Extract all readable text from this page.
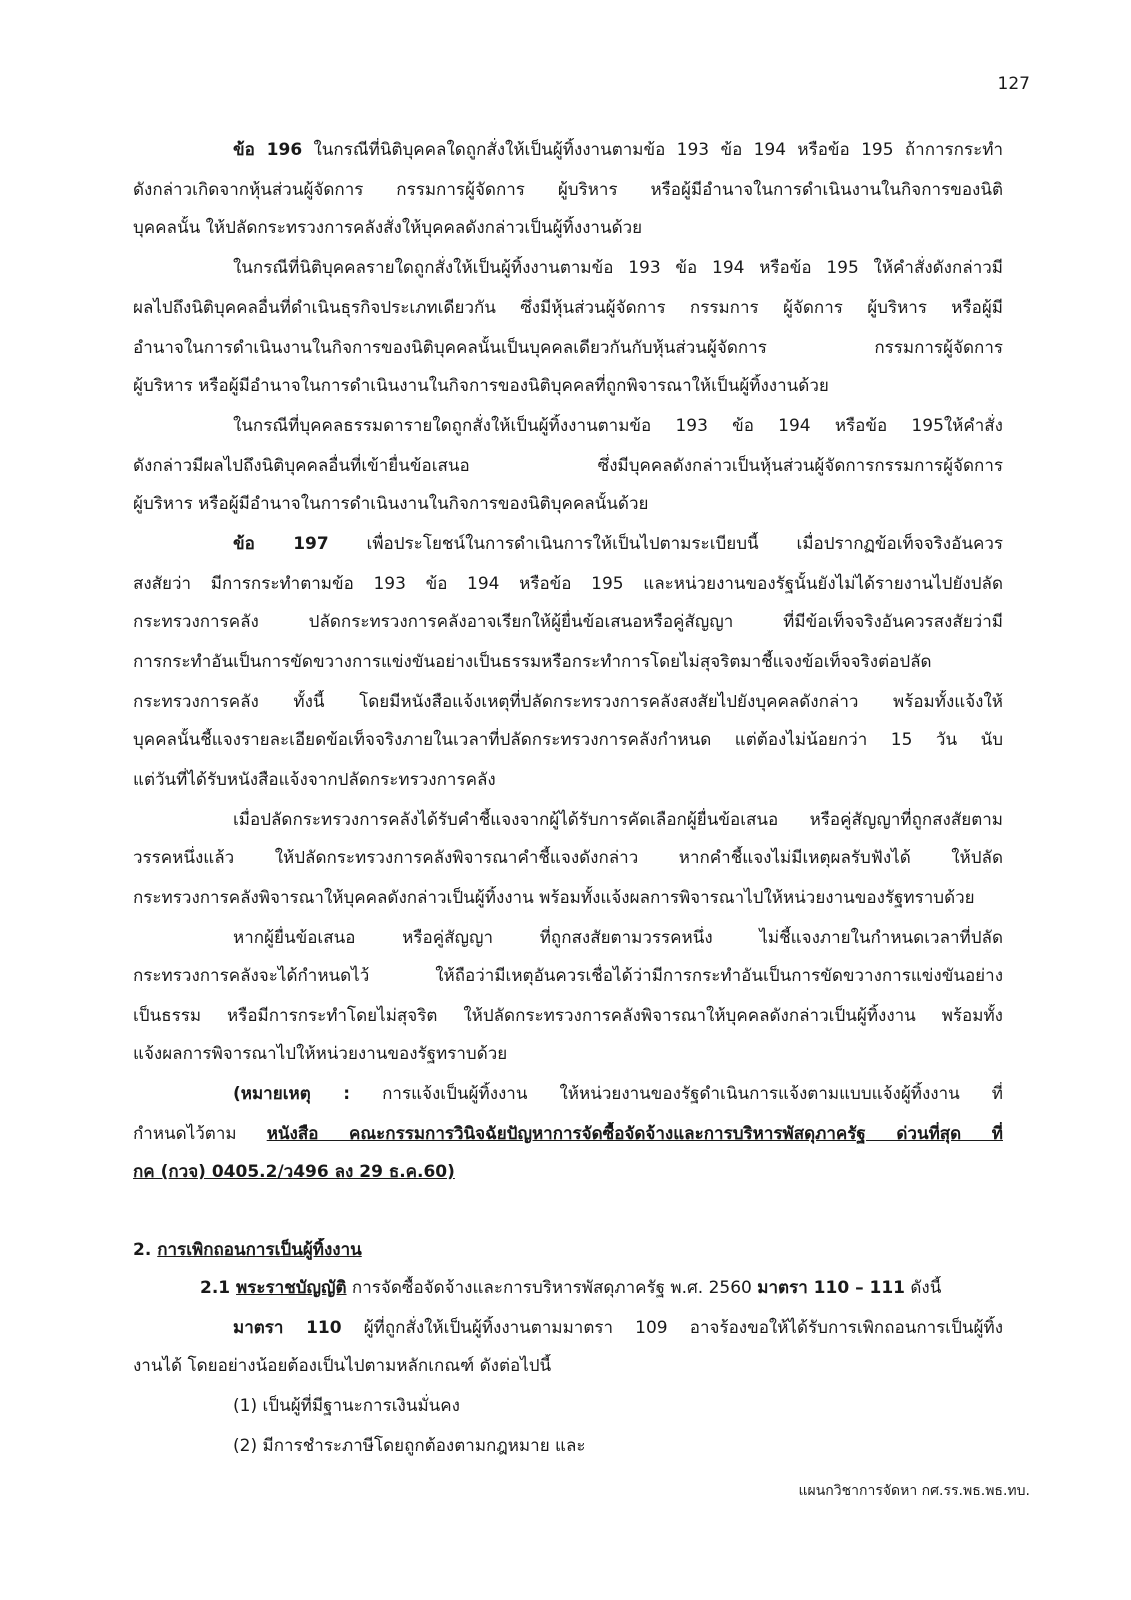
127
ข้อ 196 ในกรณีที่นิติบุคคลใดถูกสั่งให้เป็นผู้ทิ้งงานตามข้อ 193 ข้อ 194 หรือข้อ 195 ถ้าการกระทำ
ดังกล่าวเกิดจากหุ้นส่วนผู้จัดการ กรรมการผู้จัดการ ผู้บริหาร หรือผู้มีอำนาจในการดำเนินงานในกิจการของนิติ
บุคคลนั้น ให้ปลัดกระทรวงการคลังสั่งให้บุคคลดังกล่าวเป็นผู้ทิ้งงานด้วย
ในกรณีที่นิติบุคคลรายใดถูกสั่งให้เป็นผู้ทิ้งงานตามข้อ 193 ข้อ 194 หรือข้อ 195 ให้คำสั่งดังกล่าวมี
ผลไปถึงนิติบุคคลอื่นที่ดำเนินธุรกิจประเภทเดียวกัน ซึ่งมีหุ้นส่วนผู้จัดการ กรรมการ ผู้จัดการ ผู้บริหาร หรือผู้มี
อำนาจในการดำเนินงานในกิจการของนิติบุคคลนั้นเป็นบุคคลเดียวกันกับหุ้นส่วนผู้จัดการ กรรมการผู้จัดการ
ผู้บริหาร หรือผู้มีอำนาจในการดำเนินงานในกิจการของนิติบุคคลที่ถูกพิจารณาให้เป็นผู้ทิ้งงานด้วย
ในกรณีที่บุคคลธรรมดารายใดถูกสั่งให้เป็นผู้ทิ้งงานตามข้อ 193 ข้อ 194 หรือข้อ 195ให้คำสั่ง
ดังกล่าวมีผลไปถึงนิติบุคคลอื่นที่เข้ายื่นข้อเสนอ ซึ่งมีบุคคลดังกล่าวเป็นหุ้นส่วนผู้จัดการกรรมการผู้จัดการ
ผู้บริหาร หรือผู้มีอำนาจในการดำเนินงานในกิจการของนิติบุคคลนั้นด้วย
ข้อ 197 เพื่อประโยชน์ในการดำเนินการให้เป็นไปตามระเบียบนี้ เมื่อปรากฏข้อเท็จจริงอันควร
สงสัยว่า มีการกระทำตามข้อ 193 ข้อ 194 หรือข้อ 195 และหน่วยงานของรัฐนั้นยังไม่ได้รายงานไปยังปลัด
กระทรวงการคลัง ปลัดกระทรวงการคลังอาจเรียกให้ผู้ยื่นข้อเสนอหรือคู่สัญญา ที่มีข้อเท็จจริงอันควรสงสัยว่ามี
การกระทำอันเป็นการขัดขวางการแข่งขันอย่างเป็นธรรมหรือกระทำการโดยไม่สุจริตมาชี้แจงข้อเท็จจริงต่อปลัด
กระทรวงการคลัง ทั้งนี้ โดยมีหนังสือแจ้งเหตุที่ปลัดกระทรวงการคลังสงสัยไปยังบุคคลดังกล่าว พร้อมทั้งแจ้งให้
บุคคลนั้นชี้แจงรายละเอียดข้อเท็จจริงภายในเวลาที่ปลัดกระทรวงการคลังกำหนด แต่ต้องไม่น้อยกว่า 15 วัน นับ
แต่วันที่ได้รับหนังสือแจ้งจากปลัดกระทรวงการคลัง
เมื่อปลัดกระทรวงการคลังได้รับคำชี้แจงจากผู้ได้รับการคัดเลือกผู้ยื่นข้อเสนอ หรือคู่สัญญาที่ถูกสงสัยตาม
วรรคหนึ่งแล้ว ให้ปลัดกระทรวงการคลังพิจารณาคำชี้แจงดังกล่าว หากคำชี้แจงไม่มีเหตุผลรับฟังได้ ให้ปลัด
กระทรวงการคลังพิจารณาให้บุคคลดังกล่าวเป็นผู้ทิ้งงาน พร้อมทั้งแจ้งผลการพิจารณาไปให้หน่วยงานของรัฐทราบด้วย
หากผู้ยื่นข้อเสนอ หรือคู่สัญญา ที่ถูกสงสัยตามวรรคหนึ่ง ไม่ชี้แจงภายในกำหนดเวลาที่ปลัด
กระทรวงการคลังจะได้กำหนดไว้ ให้ถือว่ามีเหตุอันควรเชื่อได้ว่ามีการกระทำอันเป็นการขัดขวางการแข่งขันอย่าง
เป็นธรรม หรือมีการกระทำโดยไม่สุจริต ให้ปลัดกระทรวงการคลังพิจารณาให้บุคคลดังกล่าวเป็นผู้ทิ้งงาน พร้อมทั้ง
แจ้งผลการพิจารณาไปให้หน่วยงานของรัฐทราบด้วย
(หมายเหตุ : การแจ้งเป็นผู้ทิ้งงาน ให้หน่วยงานของรัฐดำเนินการแจ้งตามแบบแจ้งผู้ทิ้งงาน ที่
กำหนดไว้ตาม หนังสือ คณะกรรมการวินิจฉัยปัญหาการจัดซื้อจัดจ้างและการบริหารพัสดุภาครัฐ ด่วนที่สุด ที่
กค (กวจ) 0405.2/ว496 ลง 29 ธ.ค.60)
2. การเพิกถอนการเป็นผู้ทิ้งงาน
2.1 พระราชบัญญัติ การจัดซื้อจัดจ้างและการบริหารพัสดุภาครัฐ พ.ศ. 2560 มาตรา 110 – 111 ดังนี้
มาตรา 110 ผู้ที่ถูกสั่งให้เป็นผู้ทิ้งงานตามมาตรา 109 อาจร้องขอให้ได้รับการเพิกถอนการเป็นผู้ทิ้ง
งานได้ โดยอย่างน้อยต้องเป็นไปตามหลักเกณฑ์ ดังต่อไปนี้
(1) เป็นผู้ที่มีฐานะการเงินมั่นคง
(2) มีการชำระภาษีโดยถูกต้องตามกฎหมาย และ
แผนกวิชาการจัดหา กศ.รร.พธ.พธ.ทบ.
